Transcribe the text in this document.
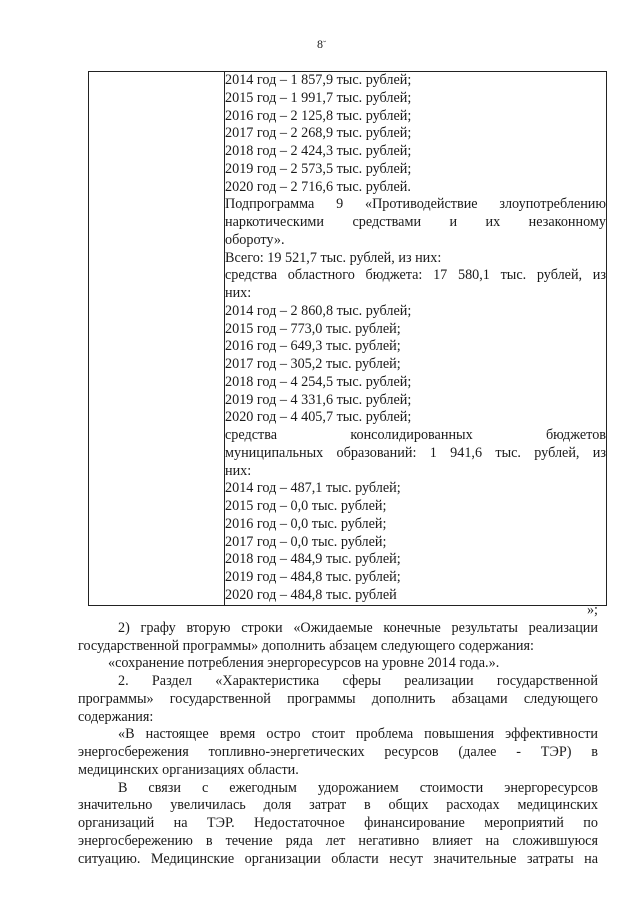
8 ˘

2014 год – 1 857,9 тыс. рублей;
2015 год – 1 991,7 тыс. рублей;
2016 год – 2 125,8 тыс. рублей;
2017 год – 2 268,9 тыс. рублей;
2018 год – 2 424,3 тыс. рублей;
2019 год – 2 573,5 тыс. рублей;
2020 год – 2 716,6 тыс. рублей.
Подпрограмма 9 «Противодействие злоупотреблению
наркотическими средствами и их незаконному
обороту».
Всего: 19 521,7 тыс. рублей, из них:
средства областного бюджета: 17 580,1 тыс. рублей, из
них:
2014 год – 2 860,8 тыс. рублей;
2015 год – 773,0 тыс. рублей;
2016 год – 649,3 тыс. рублей;
2017 год – 305,2 тыс. рублей;
2018 год – 4 254,5 тыс. рублей;
2019 год – 4 331,6 тыс. рублей;
2020 год – 4 405,7 тыс. рублей;
средства консолидированных бюджетов
муниципальных образований: 1 941,6 тыс. рублей, из
них:
2014 год – 487,1 тыс. рублей;
2015 год – 0,0 тыс. рублей;
2016 год – 0,0 тыс. рублей;
2017 год – 0,0 тыс. рублей;
2018 год – 484,9 тыс. рублей;
2019 год – 484,8 тыс. рублей;
2020 год – 484,8 тыс. рублей
»;
2) графу вторую строки «Ожидаемые конечные результаты реализации
государственной программы» дополнить абзацем следующего содержания:
«сохранение потребления энергоресурсов на уровне 2014 года.».
2. Раздел «Характеристика сферы реализации государственной
программы» государственной программы дополнить абзацами следующего
содержания:
«В настоящее время остро стоит проблема повышения эффективности
энергосбережения топливно-энергетических ресурсов (далее - ТЭР) в
медицинских организациях области.
В связи с ежегодным удорожанием стоимости энергоресурсов
значительно увеличилась доля затрат в общих расходах медицинских
организаций на ТЭР. Недостаточное финансирование мероприятий по
энергосбережению в течение ряда лет негативно влияет на сложившуюся
ситуацию. Медицинские организации области несут значительные затраты на
